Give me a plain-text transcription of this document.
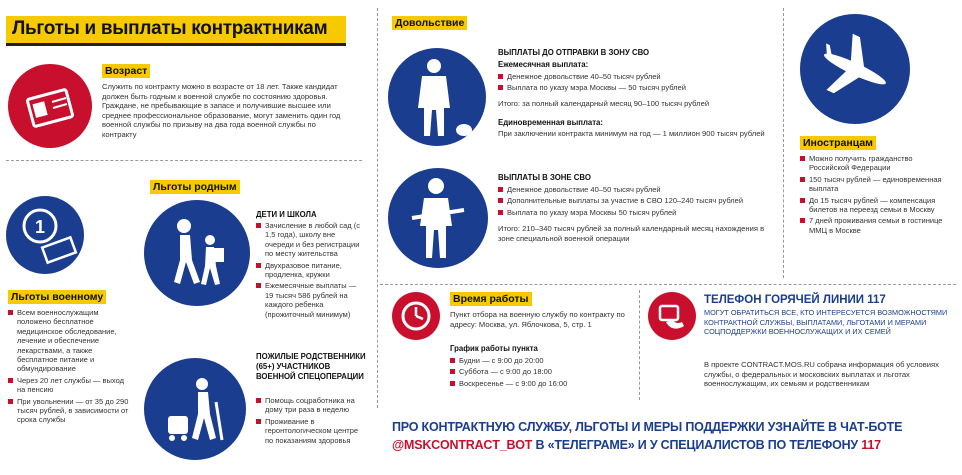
Льготы и выплаты контрактникам
Возраст
Служить по контракту можно в возрасте от 18 лет. Также кандидат должен быть годным к военной службе по состоянию здоровья. Граждане, не пребывающие в запасе и получившие высшее или среднее профессиональное образование, могут заменить один год военной службы по призыву на два года военной службы по контракту
1
Льготы военному
Всем военнослужащим положено бесплатное медицинское обследование, лечение и обеспечение лекарствами, а также бесплатное питание и обмундирование
Через 20 лет службы — выход на пенсию
При увольнении — от 35 до 290 тысяч рублей, в зависимости от срока службы
Льготы родным
ДЕТИ И ШКОЛА
Зачисление в любой сад (с 1,5 года), школу вне очереди и без регистрации по месту жительства
Двухразовое питание, продленка, кружки
Ежемесячные выплаты — 19 тысяч 586 рублей на каждого ребенка (прожиточный минимум)
ПОЖИЛЫЕ РОДСТВЕННИКИ (65+) УЧАСТНИКОВ ВОЕННОЙ СПЕЦОПЕРАЦИИ
Помощь соцработника на дому три раза в неделю
Проживание в геронтологическом центре по показаниям здоровья
Довольствие
ВЫПЛАТЫ ДО ОТПРАВКИ В ЗОНУ СВО
Ежемесячная выплата:
Денежное довольствие 40–50 тысяч рублей
Выплата по указу мэра Москвы — 50 тысяч рублей
Итого: за полный календарный месяц 90–100 тысяч рублей
Единовременная выплата:
При заключении контракта минимум на год — 1 миллион 900 тысяч рублей
ВЫПЛАТЫ В ЗОНЕ СВО
Денежное довольствие 40–50 тысяч рублей
Дополнительные выплаты за участие в СВО 120–240 тысяч рублей
Выплата по указу мэра Москвы 50 тысяч рублей
Итого: 210–340 тысяч рублей за полный календарный месяц нахождения в зоне специальной военной операции
Иностранцам
Можно получить гражданство Российской Федерации
150 тысяч рублей — единовременная выплата
До 15 тысяч рублей — компенсация билетов на переезд семьи в Москву
7 дней проживания семьи в гостинице ММЦ в Москве
Время работы
Пункт отбора на военную службу по контракту по адресу: Москва, ул. Яблочкова, 5, стр. 1
График работы пункта
Будни — с 9:00 до 20:00
Суббота — с 9:00 до 18:00
Воскресенье — с 9:00 до 16:00
ТЕЛЕФОН ГОРЯЧЕЙ ЛИНИИ 117
МОГУТ ОБРАТИТЬСЯ ВСЕ, КТО ИНТЕРЕСУЕТСЯ ВОЗМОЖНОСТЯМИ КОНТРАКТНОЙ СЛУЖБЫ, ВЫПЛАТАМИ, ЛЬГОТАМИ И МЕРАМИ СОЦПОДДЕРЖКИ ВОЕННОСЛУЖАЩИХ И ИХ СЕМЕЙ
В проекте CONTRACT.MOS.RU собрана информация об условиях службы, о федеральных и московских выплатах и льготах военнослужащим, их семьям и родственникам
ПРО КОНТРАКТНУЮ СЛУЖБУ, ЛЬГОТЫ И МЕРЫ ПОДДЕРЖКИ УЗНАЙТЕ В ЧАТ-БОТЕ
@MSKCONTRACT_BOT В «ТЕЛЕГРАМЕ» И У СПЕЦИАЛИСТОВ ПО ТЕЛЕФОНУ 117
